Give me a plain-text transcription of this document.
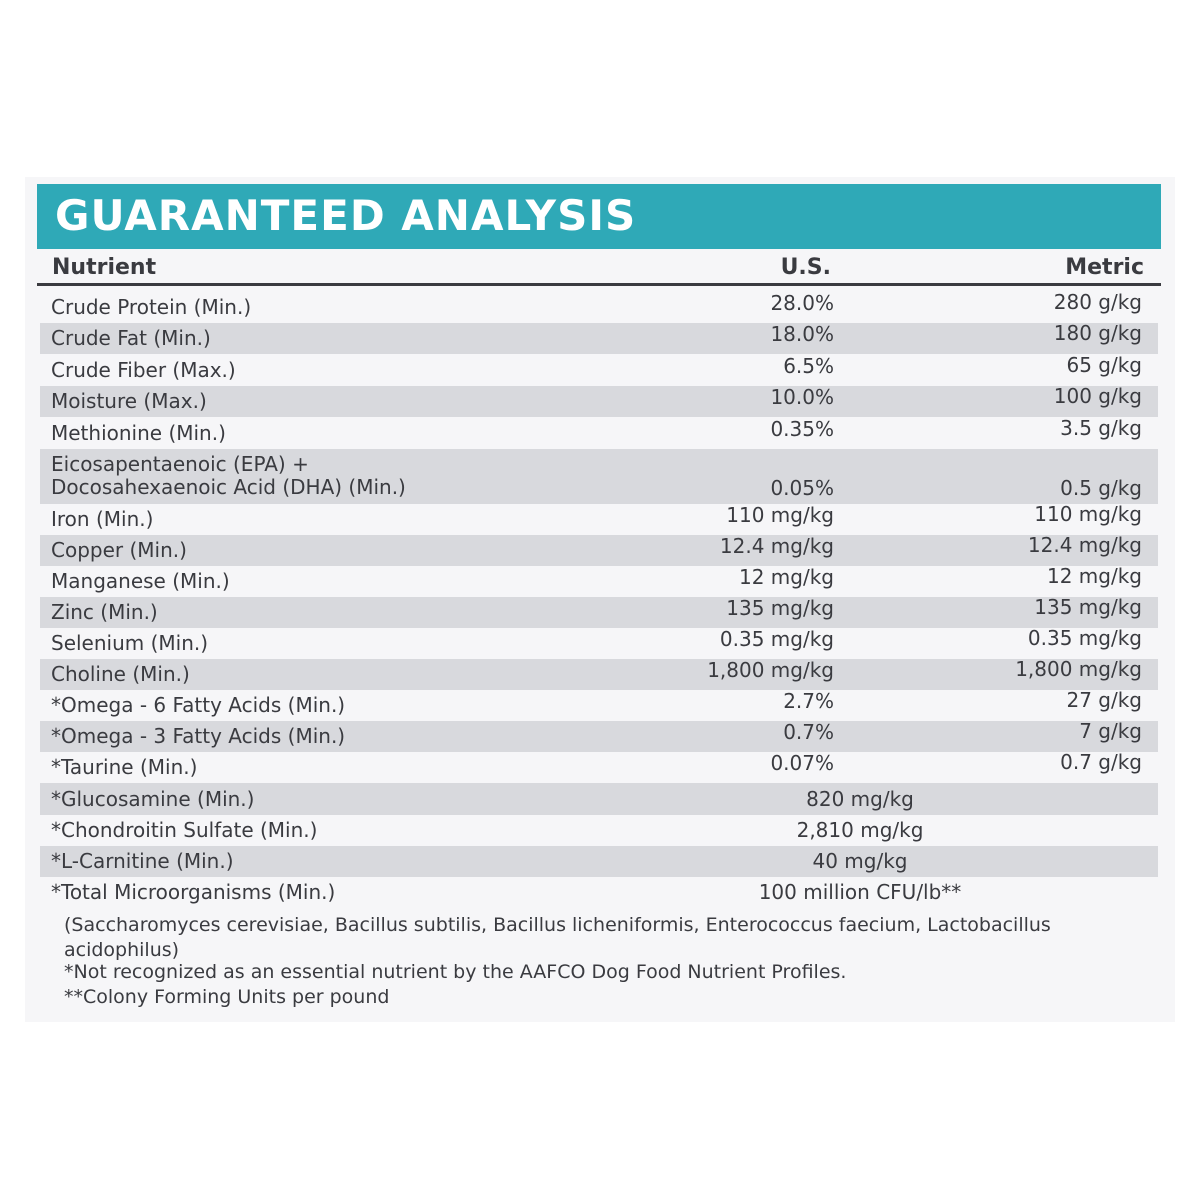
GUARANTEED ANALYSIS
Nutrient	U.S.	Metric
Crude Protein (Min.)	28.0%	280 g/kg
Crude Fat (Min.)	18.0%	180 g/kg
Crude Fiber (Max.)	6.5%	65 g/kg
Moisture (Max.)	10.0%	100 g/kg
Methionine (Min.)	0.35%	3.5 g/kg
Eicosapentaenoic (EPA) +
Docosahexaenoic Acid (DHA) (Min.)	0.05%	0.5 g/kg
Iron (Min.)	110 mg/kg	110 mg/kg
Copper (Min.)	12.4 mg/kg	12.4 mg/kg
Manganese (Min.)	12 mg/kg	12 mg/kg
Zinc (Min.)	135 mg/kg	135 mg/kg
Selenium (Min.)	0.35 mg/kg	0.35 mg/kg
Choline (Min.)	1,800 mg/kg	1,800 mg/kg
*Omega - 6 Fatty Acids (Min.)	2.7%	27 g/kg
*Omega - 3 Fatty Acids (Min.)	0.7%	7 g/kg
*Taurine (Min.)	0.07%	0.7 g/kg
*Glucosamine (Min.)	820 mg/kg
*Chondroitin Sulfate (Min.)	2,810 mg/kg
*L-Carnitine (Min.)	40 mg/kg
*Total Microorganisms (Min.)	100 million CFU/lb**
(Saccharomyces cerevisiae, Bacillus subtilis, Bacillus licheniformis, Enterococcus faecium, Lactobacillus
acidophilus)
*Not recognized as an essential nutrient by the AAFCO Dog Food Nutrient Profiles.
**Colony Forming Units per pound
